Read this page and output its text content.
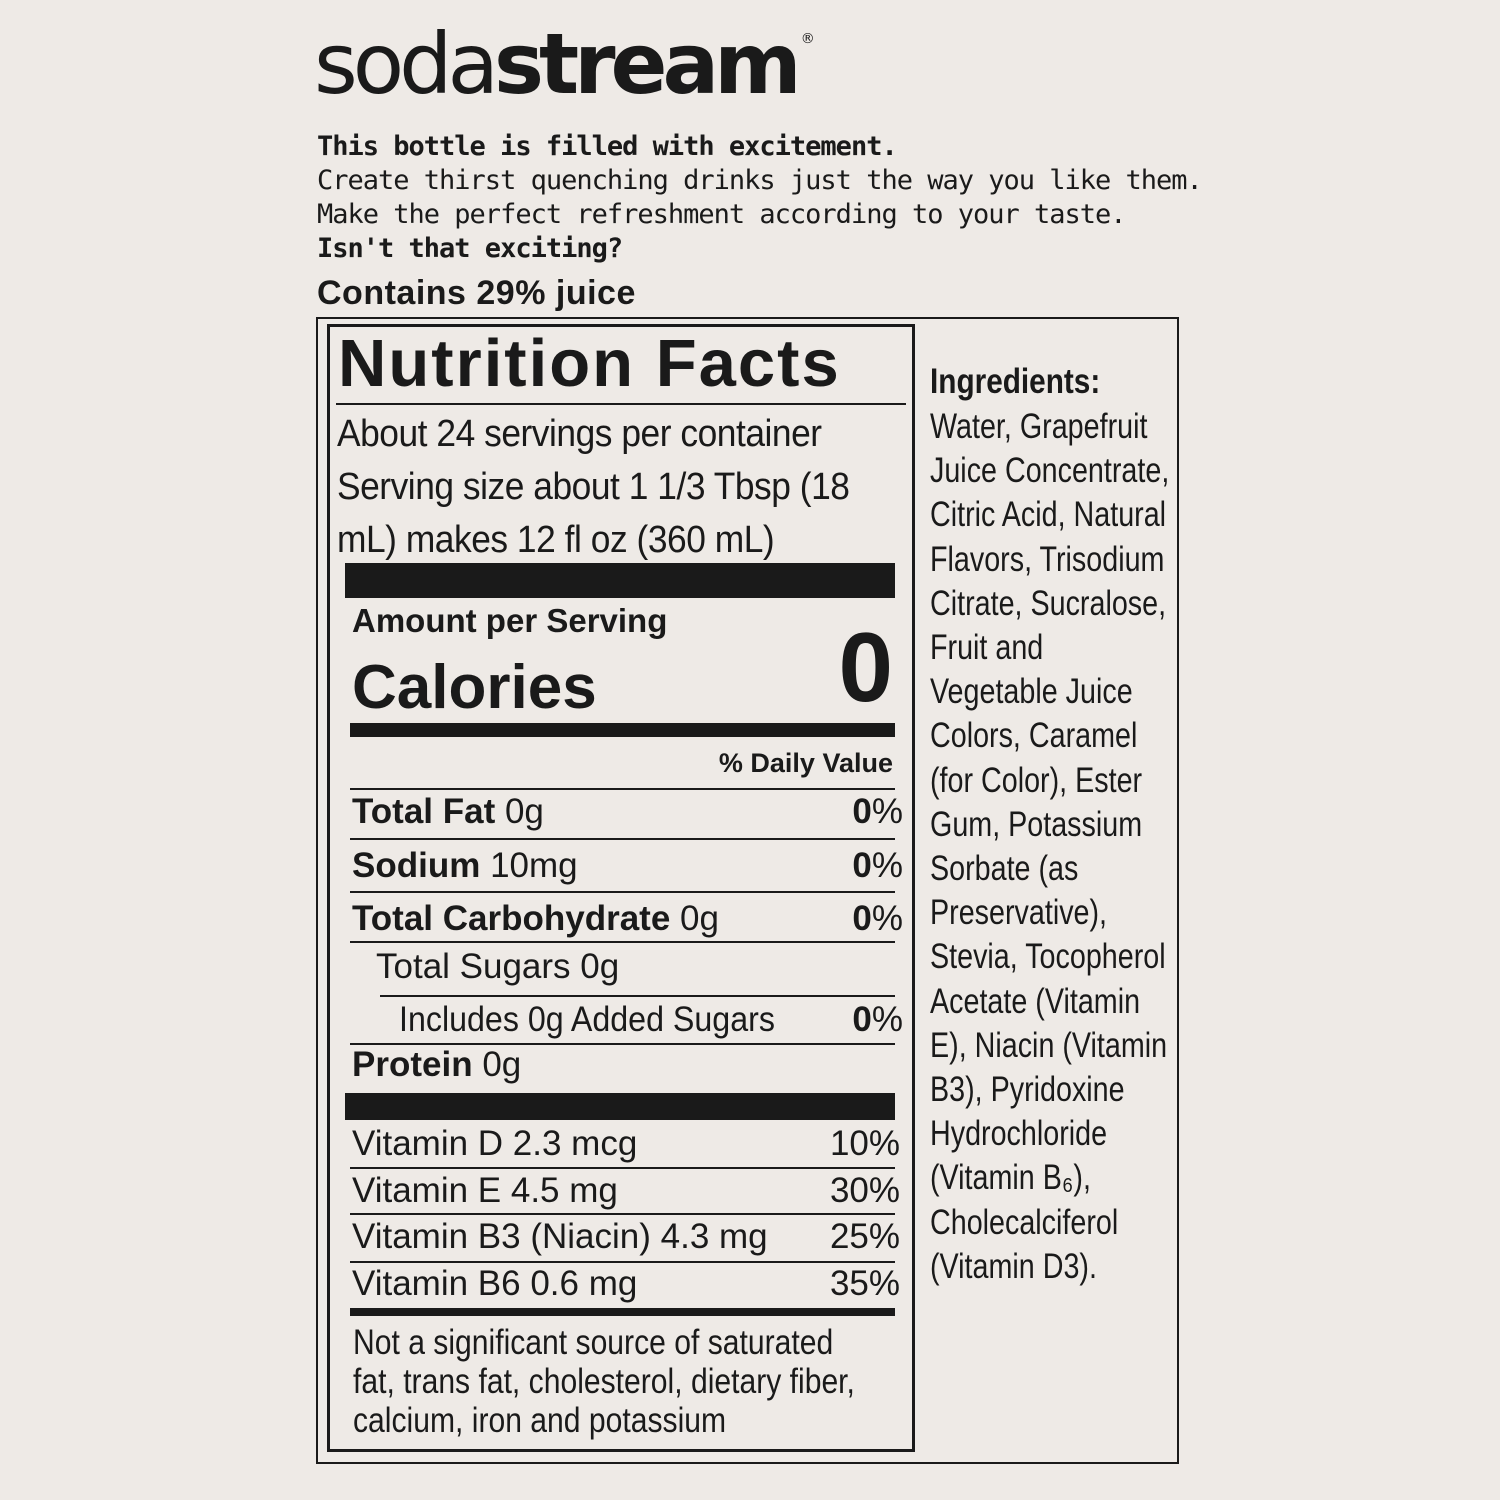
sodastream ®
This bottle is filled with excitement.
Create thirst quenching drinks just the way you like them.
Make the perfect refreshment according to your taste.
Isn't that exciting?
Contains 29% juice
Nutrition Facts
About 24 servings per container
Serving size about 1 1/3 Tbsp (18
mL) makes 12 fl oz (360 mL)
Amount per Serving
Calories 0
% Daily Value
Total Fat 0g	0%
Sodium 10mg	0%
Total Carbohydrate 0g	0%
Total Sugars 0g
Includes 0g Added Sugars 0%
Protein 0g
Vitamin D 2.3 mcg	10%
Vitamin E 4.5 mg	30%
Vitamin B3 (Niacin) 4.3 mg 25%
Vitamin B6 0.6 mg	35%
Not a significant source of saturated
fat, trans fat, cholesterol, dietary fiber,
calcium, iron and potassium
Ingredients:
Water, Grapefruit
Juice Concentrate,
Citric Acid, Natural
Flavors, Trisodium
Citrate, Sucralose,
Fruit and
Vegetable Juice
Colors, Caramel
(for Color), Ester
Gum, Potassium
Sorbate (as
Preservative),
Stevia, Tocopherol
Acetate (Vitamin
E), Niacin (Vitamin
B3), Pyridoxine
Hydrochloride
(Vitamin B₆),
Cholecalciferol
(Vitamin D3).
